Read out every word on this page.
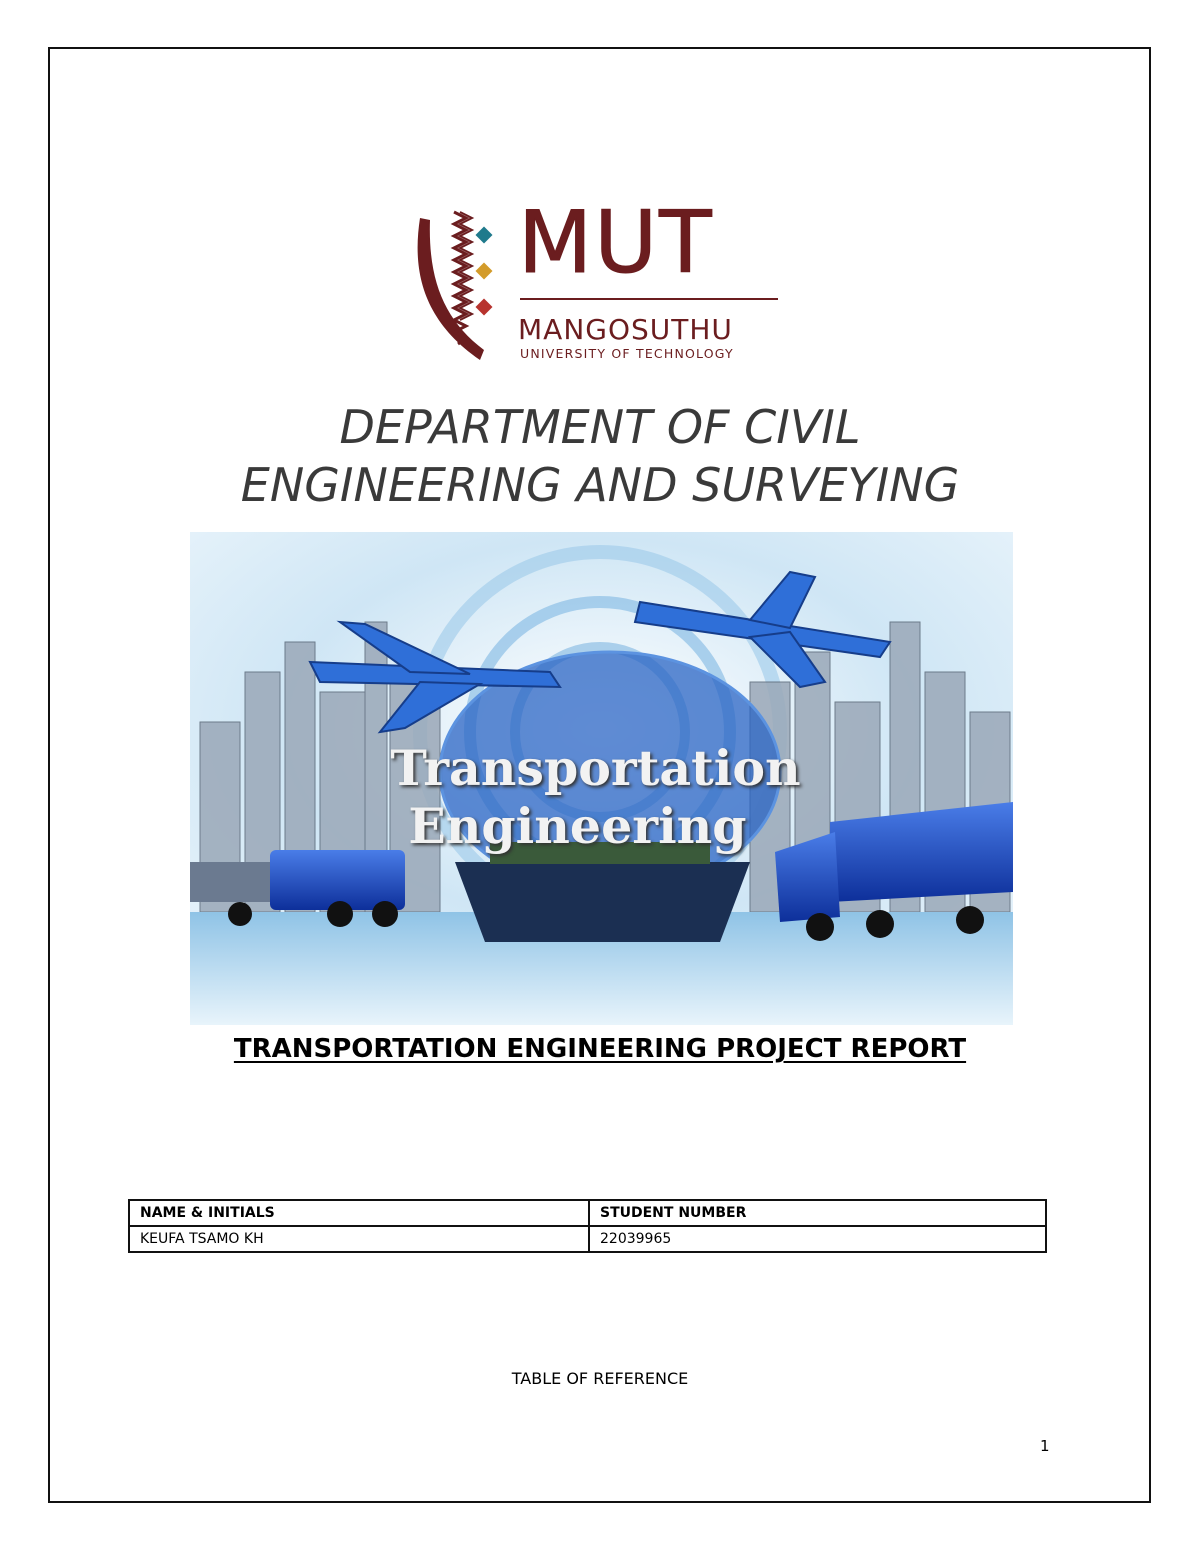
MUT
MANGOSUTHU
UNIVERSITY OF TECHNOLOGY
DEPARTMENT OF CIVIL
ENGINEERING AND SURVEYING
Transportation
Engineering
TRANSPORTATION ENGINEERING PROJECT REPORT
NAME & INITIALS	STUDENT NUMBER
KEUFA TSAMO KH	22039965
TABLE OF REFERENCE
1
